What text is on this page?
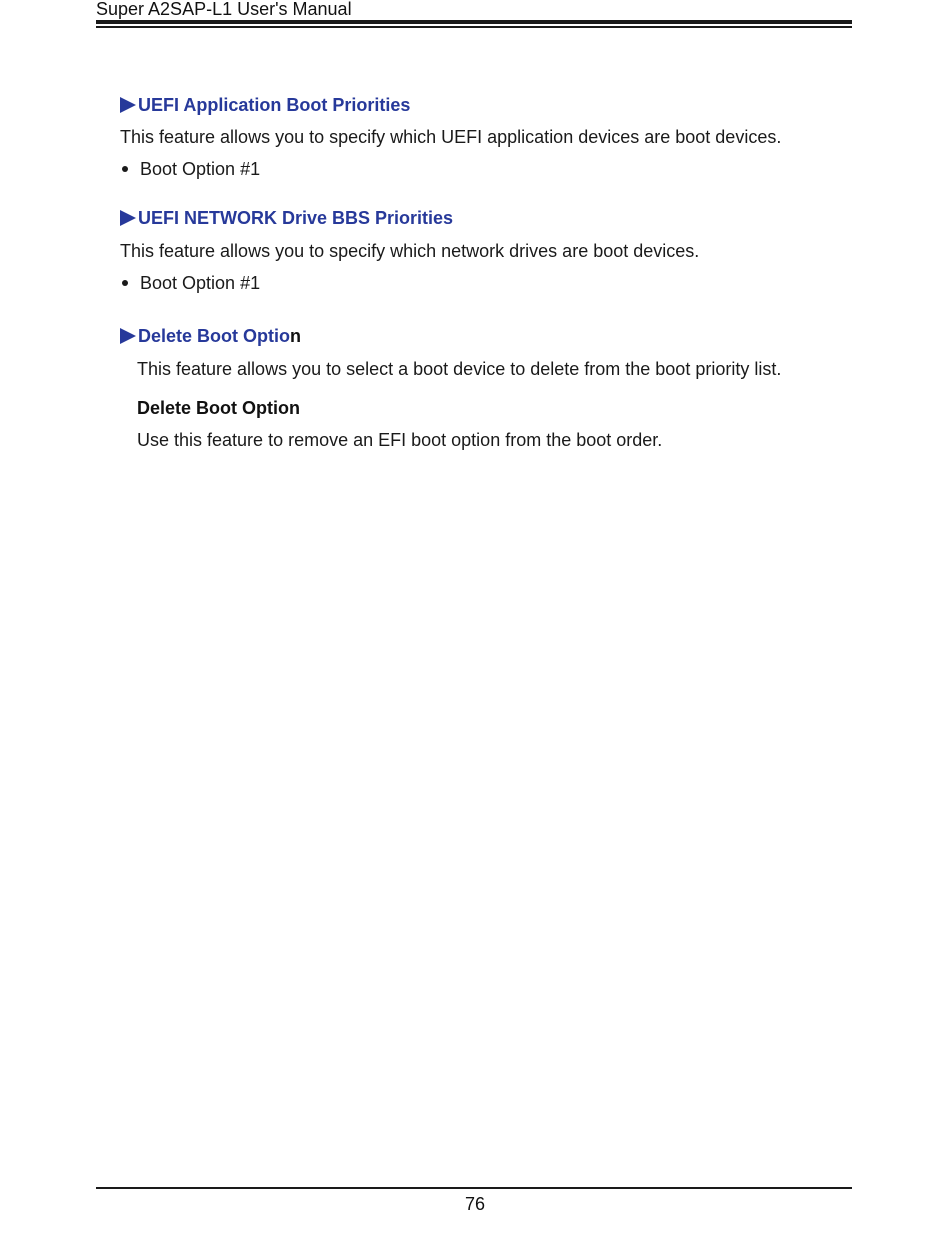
Super A2SAP-L1 User's Manual
UEFI Application Boot Priorities
This feature allows you to specify which UEFI application devices are boot devices.
Boot Option #1
UEFI NETWORK Drive BBS Priorities
This feature allows you to specify which network drives are boot devices.
Boot Option #1
Delete Boot Optio n
This feature allows you to select a boot device to delete from the boot priority list.
Delete Boot Option
Use this feature to remove an EFI boot option from the boot order.
76
